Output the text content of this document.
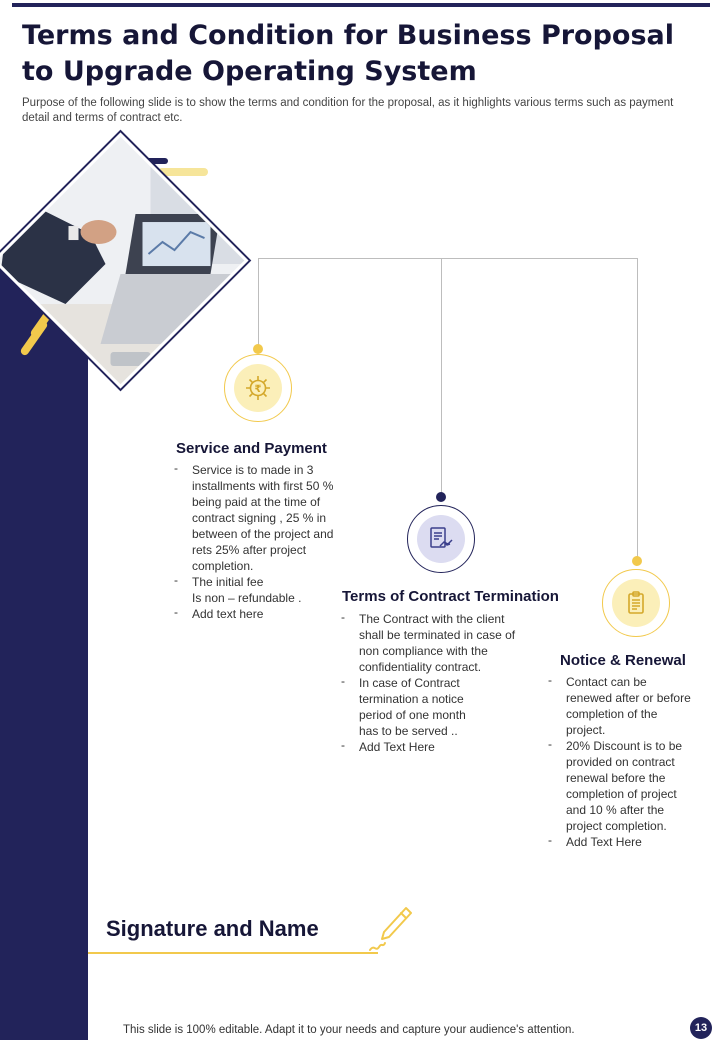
Terms and Condition for Business Proposal to Upgrade Operating System

Purpose of the following slide is to show the terms and condition for the proposal, as it highlights various terms such as payment detail and terms of contract etc.

₹
Service and Payment
- Service is to made in 3
installments with first 50 %
being paid at the time of
contract signing , 25 % in
between of the project and
rets 25% after project
completion.
- The initial fee
Is non – refundable .
- Add text here
Terms of Contract Termination
- The Contract with the client
shall be terminated in case of
non compliance with the
confidentiality contract.
- In case of Contract
termination a notice
period of one month
has to be served ..
- Add Text Here
Notice & Renewal
- Contact can be
renewed after or before
completion of the
project.
- 20% Discount is to be
provided on contract
renewal before the
completion of project
and 10 % after the
project completion.
- Add Text Here
Signature and Name

This slide is 100% editable. Adapt it to your needs and capture your audience's attention.	13
